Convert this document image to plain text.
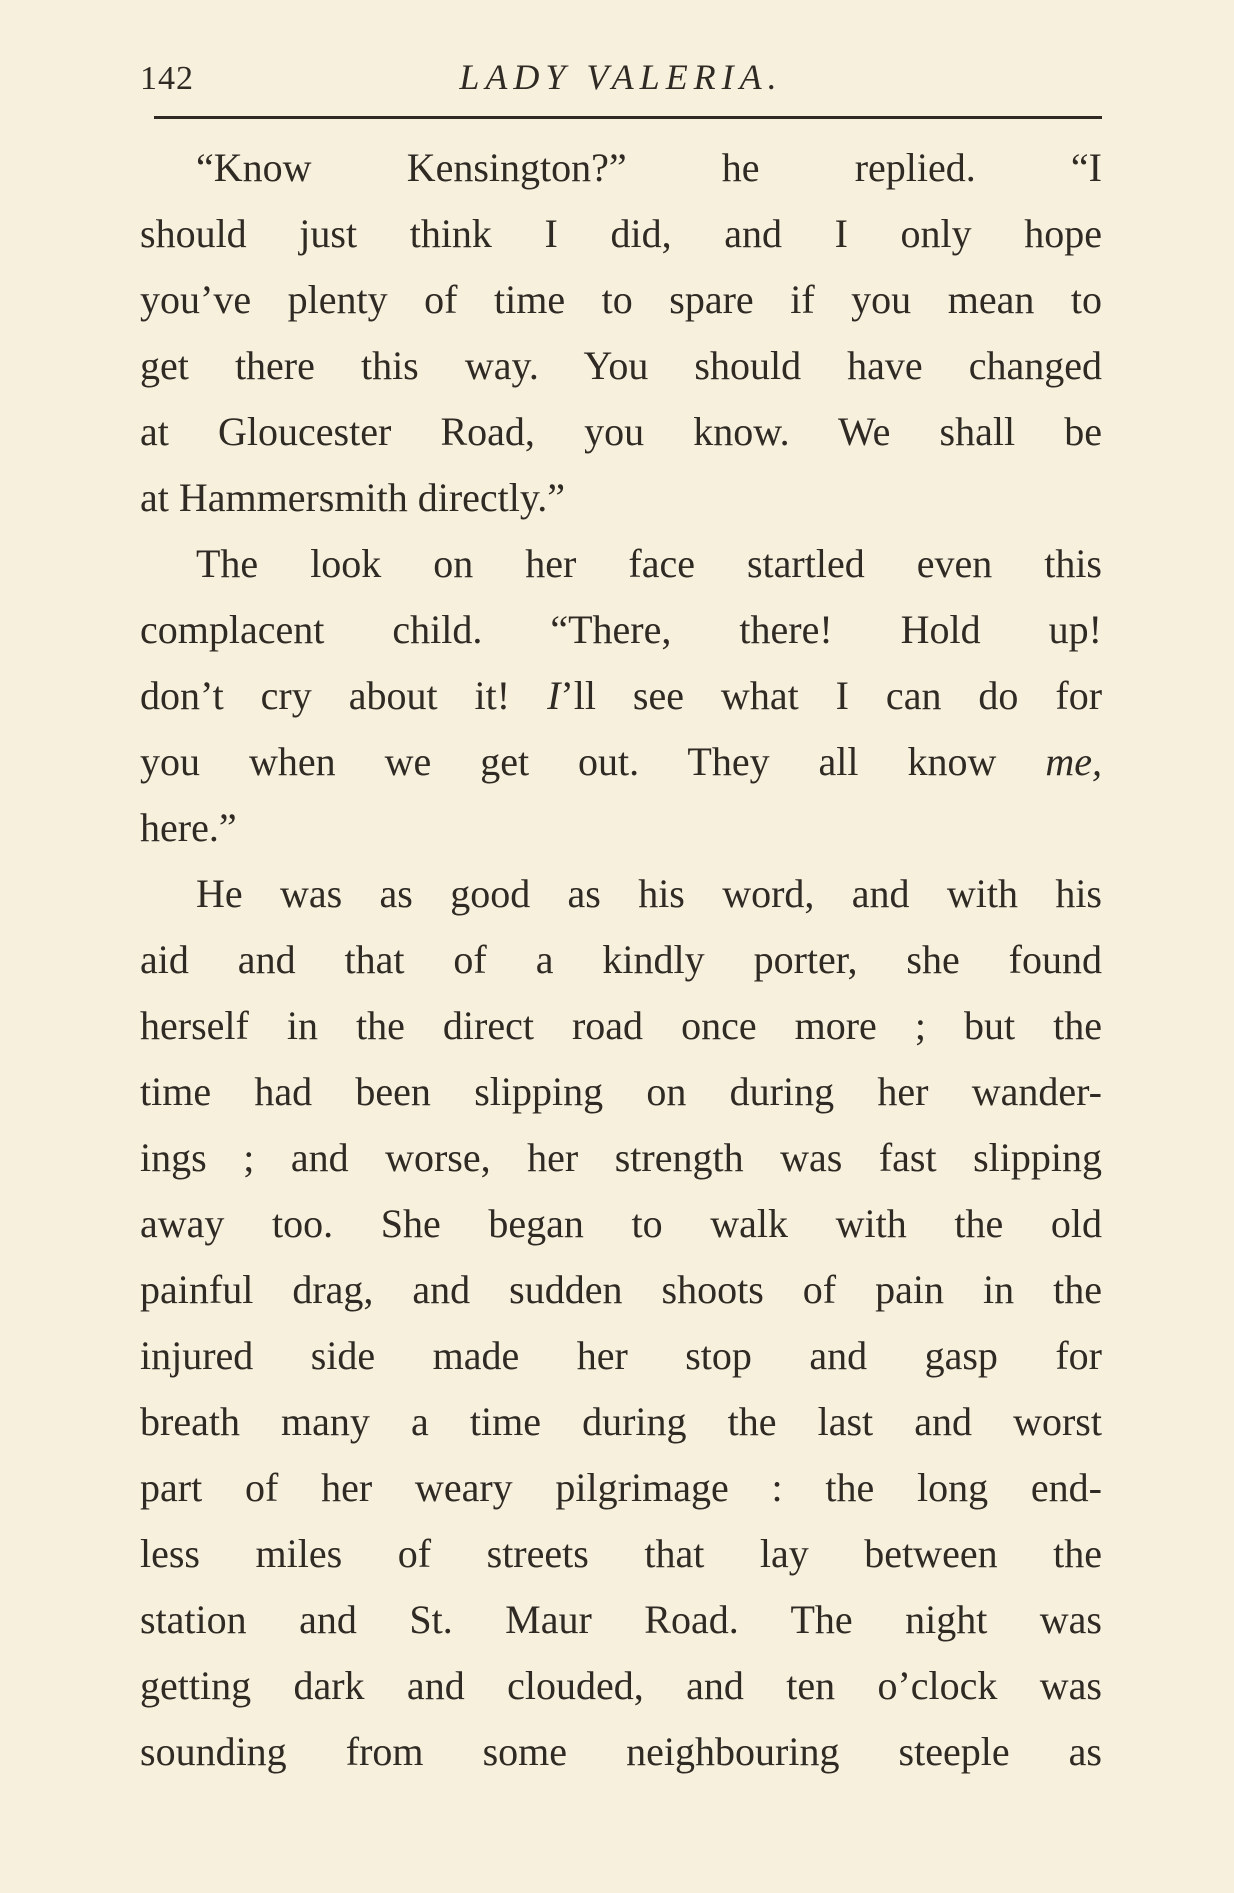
142	LADY VALERIA.
“Know Kensington?” he replied. “I
should just think I did, and I only hope
you’ve plenty of time to spare if you mean to
get there this way. You should have changed
at Gloucester Road, you know. We shall be
at Hammersmith directly.”
The look on her face startled even this
complacent child. “There, there! Hold up!
don’t cry about it! I’ll see what I can do for
you when we get out. They all know me,
here.”
He was as good as his word, and with his
aid and that of a kindly porter, she found
herself in the direct road once more ; but the
time had been slipping on during her wander-
ings ; and worse, her strength was fast slipping
away too. She began to walk with the old
painful drag, and sudden shoots of pain in the
injured side made her stop and gasp for
breath many a time during the last and worst
part of her weary pilgrimage : the long end-
less miles of streets that lay between the
station and St. Maur Road. The night was
getting dark and clouded, and ten o’clock was
sounding from some neighbouring steeple as
